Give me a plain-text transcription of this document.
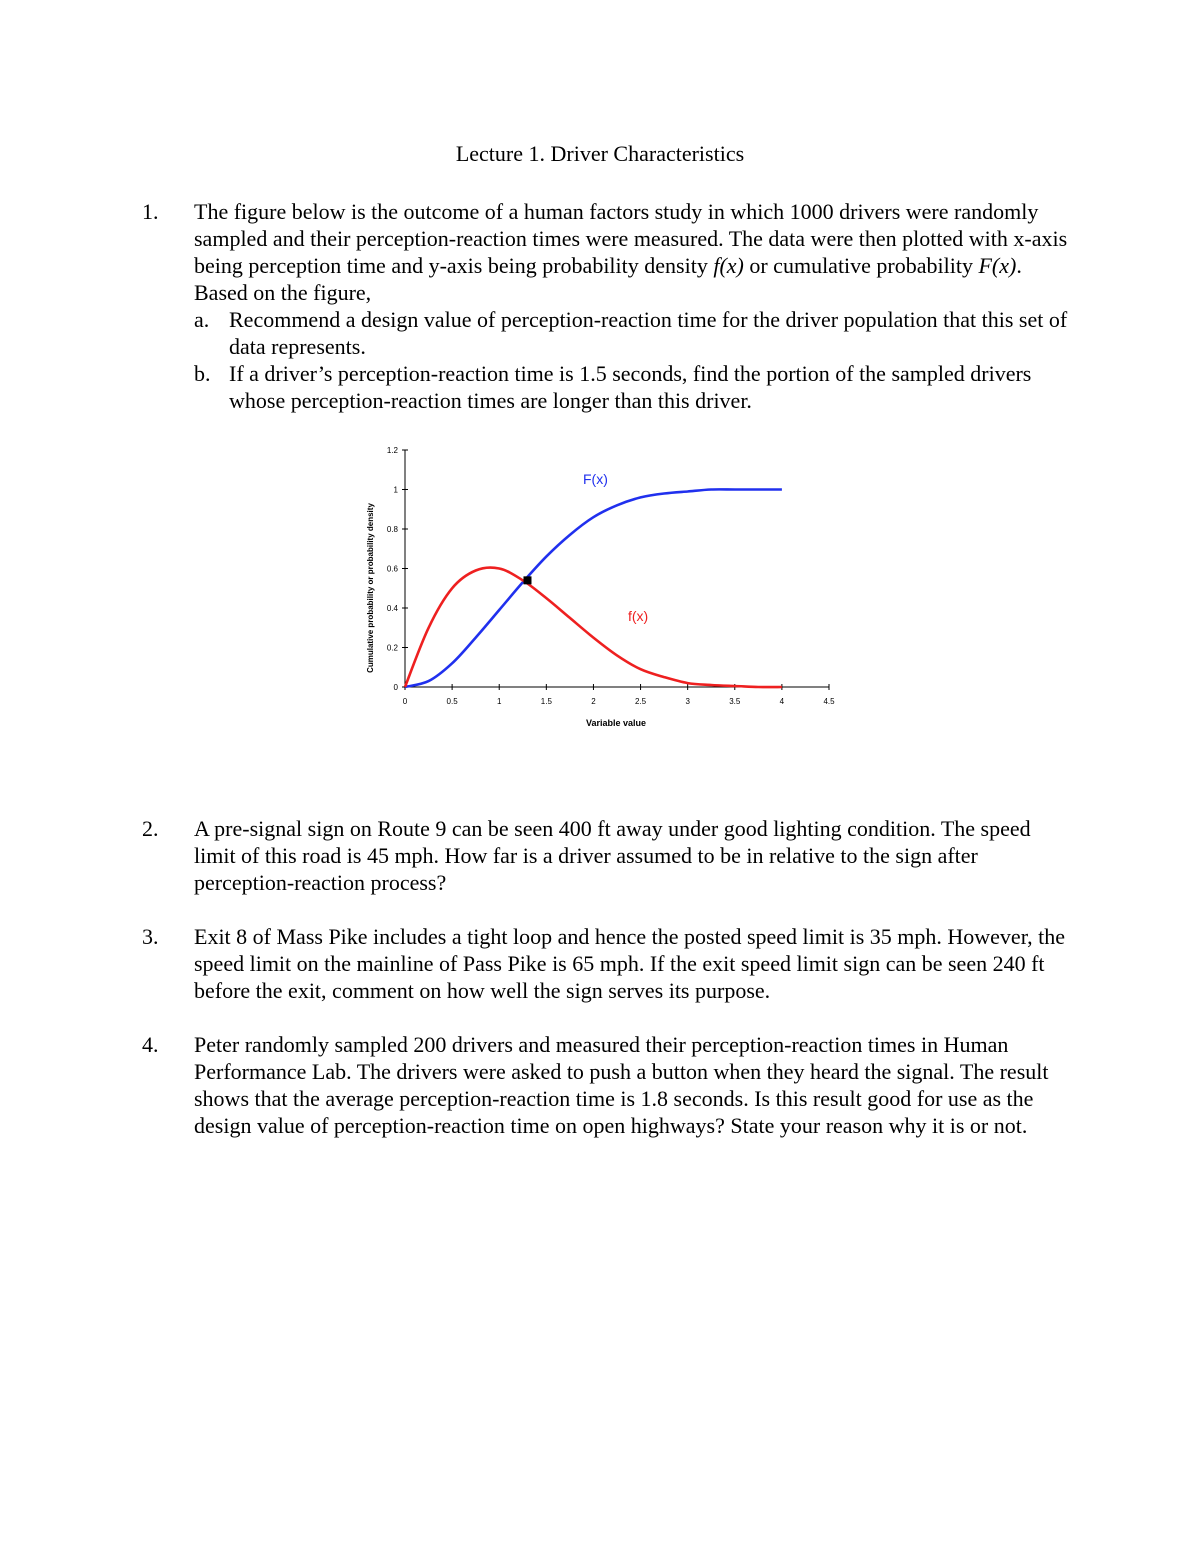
Lecture 1. Driver Characteristics
1. The figure below is the outcome of a human factors study in which 1000 drivers were randomly sampled and their perception-reaction times were measured. The data were then plotted with x-axis being perception time and y-axis being probability density f(x) or cumulative probability F(x). Based on the figure,
a. Recommend a design value of perception-reaction time for the driver population that this set of data represents.
b. If a driver’s perception-reaction time is 1.5 seconds, find the portion of the sampled drivers whose perception-reaction times are longer than this driver.
0
0.2
0.4
0.6
0.8
1
1.2
0	0.5	1	1.5	2	2.5	3	3.5	4	4.5
Cumulative probability or probability density
Variable value
F(x)
f(x)
2. A pre-signal sign on Route 9 can be seen 400 ft away under good lighting condition. The speed limit of this road is 45 mph. How far is a driver assumed to be in relative to the sign after perception-reaction process?
3. Exit 8 of Mass Pike includes a tight loop and hence the posted speed limit is 35 mph. However, the speed limit on the mainline of Pass Pike is 65 mph. If the exit speed limit sign can be seen 240 ft before the exit, comment on how well the sign serves its purpose.
4. Peter randomly sampled 200 drivers and measured their perception-reaction times in Human Performance Lab. The drivers were asked to push a button when they heard the signal. The result shows that the average perception-reaction time is 1.8 seconds. Is this result good for use as the design value of perception-reaction time on open highways? State your reason why it is or not.
